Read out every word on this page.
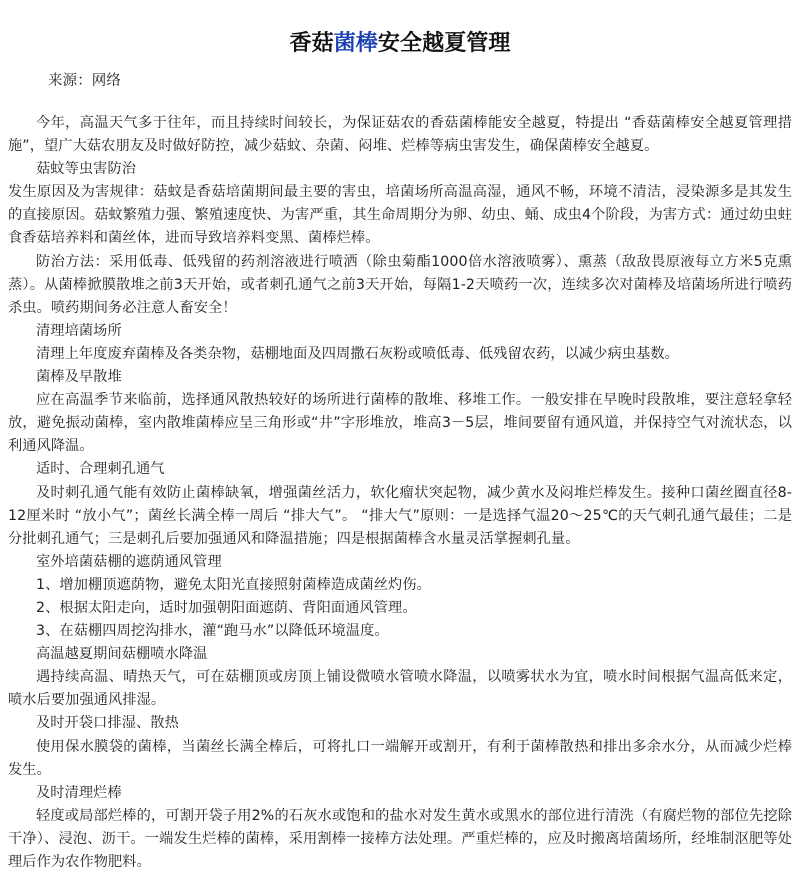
香菇菌棒安全越夏管理
来源：网络

今年，高温天气多于往年，而且持续时间较长，为保证菇农的香菇菌棒能安全越夏，特提出 “香菇菌棒安全越夏管理措施”，望广大菇农朋友及时做好防控，减少菇蚊、杂菌、闷堆、烂棒等病虫害发生，确保菌棒安全越夏。

菇蚊等虫害防治

发生原因及为害规律：菇蚊是香菇培菌期间最主要的害虫，培菌场所高温高湿，通风不畅，环境不清洁，浸染源多是其发生的直接原因。菇蚊繁殖力强、繁殖速度快、为害严重，其生命周期分为卵、幼虫、蛹、成虫4个阶段，为害方式：通过幼虫蛀食香菇培养料和菌丝体，进而导致培养料变黑、菌棒烂棒。

防治方法：采用低毒、低残留的药剂溶液进行喷洒（除虫菊酯1000倍水溶液喷雾）、熏蒸（敌敌畏原液每立方米5克熏蒸）。从菌棒掀膜散堆之前3天开始，或者刺孔通气之前3天开始，每隔1-2天喷药一次，连续多次对菌棒及培菌场所进行喷药杀虫。喷药期间务必注意人畜安全！

清理培菌场所

清理上年度废弃菌棒及各类杂物，菇棚地面及四周撒石灰粉或喷低毒、低残留农药，以减少病虫基数。

菌棒及早散堆

应在高温季节来临前，选择通风散热较好的场所进行菌棒的散堆、移堆工作。一般安排在早晚时段散堆，要注意轻拿轻放，避免振动菌棒，室内散堆菌棒应呈三角形或“井”字形堆放，堆高3－5层，堆间要留有通风道，并保持空气对流状态，以利通风降温。

适时、合理刺孔通气

及时刺孔通气能有效防止菌棒缺氧，增强菌丝活力，软化瘤状突起物，减少黄水及闷堆烂棒发生。接种口菌丝圈直径8-12厘米时 “放小气”；菌丝长满全棒一周后 “排大气”。 “排大气”原则：一是选择气温20～25℃的天气刺孔通气最佳；二是分批刺孔通气；三是刺孔后要加强通风和降温措施；四是根据菌棒含水量灵活掌握刺孔量。

室外培菌菇棚的遮荫通风管理

1、增加棚顶遮荫物，避免太阳光直接照射菌棒造成菌丝灼伤。

2、根据太阳走向，适时加强朝阳面遮荫、背阳面通风管理。

3、在菇棚四周挖沟排水，灌“跑马水”以降低环境温度。

高温越夏期间菇棚喷水降温

遇持续高温、晴热天气，可在菇棚顶或房顶上铺设微喷水管喷水降温，以喷雾状水为宜，喷水时间根据气温高低来定，喷水后要加强通风排湿。

及时开袋口排湿、散热

使用保水膜袋的菌棒，当菌丝长满全棒后，可将扎口一端解开或割开，有利于菌棒散热和排出多余水分，从而减少烂棒发生。

及时清理烂棒

轻度或局部烂棒的，可割开袋子用2%的石灰水或饱和的盐水对发生黄水或黑水的部位进行清洗（有腐烂物的部位先挖除干净）、浸泡、沥干。一端发生烂棒的菌棒，采用割棒一接棒方法处理。严重烂棒的，应及时搬离培菌场所，经堆制沤肥等处理后作为农作物肥料。
